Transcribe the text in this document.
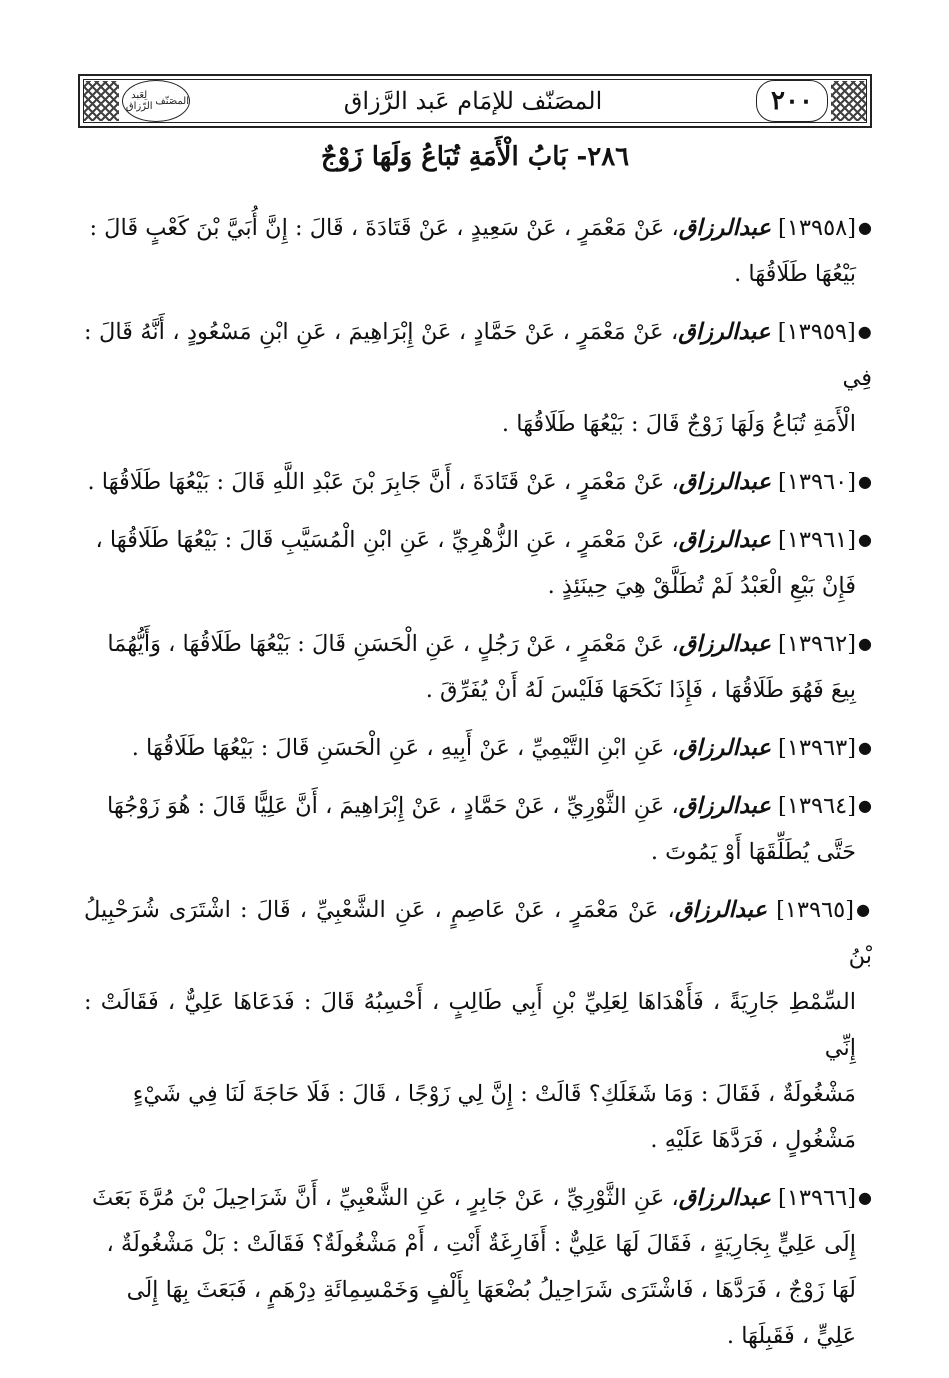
المصَنّف
لِعَبد الرّزاق	المصَنّف للإمَام عَبد الرَّزاق	٢٠٠
٢٨٦- بَابُ الْأَمَةِ تُبَاعُ وَلَهَا زَوْجٌ
●[١٣٩٥٨] عبدالرزاق، عَنْ مَعْمَرٍ ، عَنْ سَعِيدٍ ، عَنْ قَتَادَةَ ، قَالَ : إِنَّ أُبَيَّ بْنَ كَعْبٍ قَالَ :
بَيْعُهَا طَلَاقُهَا .
●[١٣٩٥٩] عبدالرزاق، عَنْ مَعْمَرٍ ، عَنْ حَمَّادٍ ، عَنْ إِبْرَاهِيمَ ، عَنِ ابْنِ مَسْعُودٍ ، أَنَّهُ قَالَ : فِي
الْأَمَةِ تُبَاعُ وَلَهَا زَوْجٌ قَالَ : بَيْعُهَا طَلَاقُهَا .
●[١٣٩٦٠] عبدالرزاق، عَنْ مَعْمَرٍ ، عَنْ قَتَادَةَ ، أَنَّ جَابِرَ بْنَ عَبْدِ اللَّهِ قَالَ : بَيْعُهَا طَلَاقُهَا .
●[١٣٩٦١] عبدالرزاق، عَنْ مَعْمَرٍ ، عَنِ الزُّهْرِيِّ ، عَنِ ابْنِ الْمُسَيَّبِ قَالَ : بَيْعُهَا طَلَاقُهَا ،
فَإِنْ بَيْعِ الْعَبْدُ لَمْ تُطَلَّقْ هِيَ حِينَئِذٍ .
●[١٣٩٦٢] عبدالرزاق، عَنْ مَعْمَرٍ ، عَنْ رَجُلٍ ، عَنِ الْحَسَنِ قَالَ : بَيْعُهَا طَلَاقُهَا ، وَأَيُّهُمَا
بِيعَ فَهُوَ طَلَاقُهَا ، فَإِذَا نَكَحَهَا فَلَيْسَ لَهُ أَنْ يُفَرِّقَ .
●[١٣٩٦٣] عبدالرزاق، عَنِ ابْنِ التَّيْمِيِّ ، عَنْ أَبِيهِ ، عَنِ الْحَسَنِ قَالَ : بَيْعُهَا طَلَاقُهَا .
●[١٣٩٦٤] عبدالرزاق، عَنِ الثَّوْرِيِّ ، عَنْ حَمَّادٍ ، عَنْ إِبْرَاهِيمَ ، أَنَّ عَلِيًّا قَالَ : هُوَ زَوْجُهَا
حَتَّى يُطَلِّقَهَا أَوْ يَمُوتَ .
●[١٣٩٦٥] عبدالرزاق، عَنْ مَعْمَرٍ ، عَنْ عَاصِمٍ ، عَنِ الشَّعْبِيِّ ، قَالَ : اشْتَرَى شُرَحْبِيلُ بْنُ
السِّمْطِ جَارِيَةً ، فَأَهْدَاهَا لِعَلِيِّ بْنِ أَبِي طَالِبٍ ، أَحْسِبُهُ قَالَ : فَدَعَاهَا عَلِيٌّ ، فَقَالَتْ : إِنِّي
مَشْغُولَةٌ ، فَقَالَ : وَمَا شَغَلَكِ؟ قَالَتْ : إِنَّ لِي زَوْجًا ، قَالَ : فَلَا حَاجَةَ لَنَا فِي شَيْءٍ
مَشْغُولٍ ، فَرَدَّهَا عَلَيْهِ .
●[١٣٩٦٦] عبدالرزاق، عَنِ الثَّوْرِيِّ ، عَنْ جَابِرٍ ، عَنِ الشَّعْبِيِّ ، أَنَّ شَرَاحِيلَ بْنَ مُرَّةَ بَعَثَ
إِلَى عَلِيٍّ بِجَارِيَةٍ ، فَقَالَ لَهَا عَلِيٌّ : أَفَارِغَةٌ أَنْتِ ، أَمْ مَشْغُولَةٌ؟ فَقَالَتْ : بَلْ مَشْغُولَةٌ ،
لَهَا زَوْجٌ ، فَرَدَّهَا ، فَاشْتَرَى شَرَاحِيلُ بُضْعَهَا بِأَلْفٍ وَخَمْسِمِائَةِ دِرْهَمٍ ، فَبَعَثَ بِهَا إِلَى
عَلِيٍّ ، فَقَبِلَهَا .
